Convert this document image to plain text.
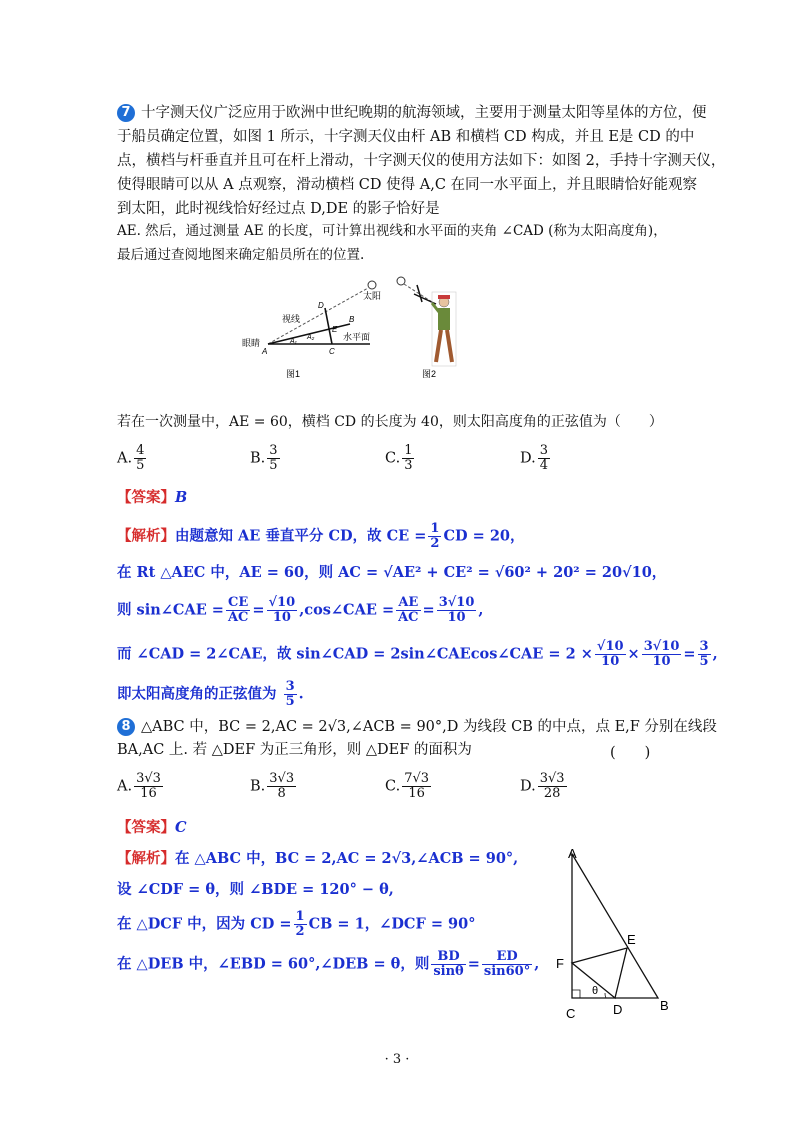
7 十字测天仪广泛应用于欧洲中世纪晚期的航海领域，主要用于测量太阳等星体的方位，便
于船员确定位置，如图 1 所示，十字测天仪由杆 AB 和横档 CD 构成，并且 E是 CD 的中
点，横档与杆垂直并且可在杆上滑动，十字测天仪的使用方法如下：如图 2，手持十字测天仪，
使得眼睛可以从 A 点观察，滑动横档 CD 使得 A,C 在同一水平面上，并且眼睛恰好能观察
到太阳，此时视线恰好经过点 D,DE 的影子恰好是
AE. 然后，通过测量 AE 的长度，可计算出视线和水平面的夹角 ∠CAD (称为太阳高度角)，
最后通过查阅地图来确定船员所在的位置.
太阳
视线
眼睛
水平面
A
B
C
D
E
A₁
A₂
图1	图2
若在一次测量中，AE = 60，横档 CD 的长度为 40，则太阳高度角的正弦值为（　　）
A. $\frac{4}{5}$	B. $\frac{3}{5}$	C. $\frac{1}{3}$	D. $\frac{3}{4}$
【答案】B
【解析】由题意知 AE 垂直平分 CD，故 CE = $\frac{1}{2}$ CD = 20，
在 Rt △AEC 中，AE = 60，则 AC = √AE² + CE² = √60² + 20² = 20√10，
则 sin∠CAE = $\frac{CE}{AC} = \frac{√10}{10}$ ,cos∠CAE = $\frac{AE}{AC} = \frac{3√10}{10}$ ,
而 ∠CAD = 2∠CAE，故 sin∠CAD = 2sin∠CAEcos∠CAE = $2 \times \frac{√10}{10} \times \frac{3√10}{10} = \frac{3}{5}$ ,
即太阳高度角的正弦值为 $\frac{3}{5}$ .
8 △ABC 中，BC = 2,AC = 2√3,∠ACB = 90°,D 为线段 CB 的中点，点 E,F 分别在线段
BA,AC 上. 若 △DEF 为正三角形，则 △DEF 的面积为	(　　)
A. $\frac{3√3}{16}$	B. $\frac{3√3}{8}$	C. $\frac{7√3}{16}$	D. $\frac{3√3}{28}$
【答案】C
【解析】在 △ABC 中，BC = 2,AC = 2√3,∠ACB = 90°,
设 ∠CDF = θ，则 ∠BDE = 120° − θ,
在 △DCF 中，因为 CD = $\frac{1}{2}$ CB = 1，∠DCF = 90°
在 △DEB 中，∠EBD = 60°,∠DEB = θ，则 $\frac{BD}{\sin\theta} = \frac{ED}{\sin 60^\circ}$ ,
A
B
C	D
E
F
θ
· 3 ·
